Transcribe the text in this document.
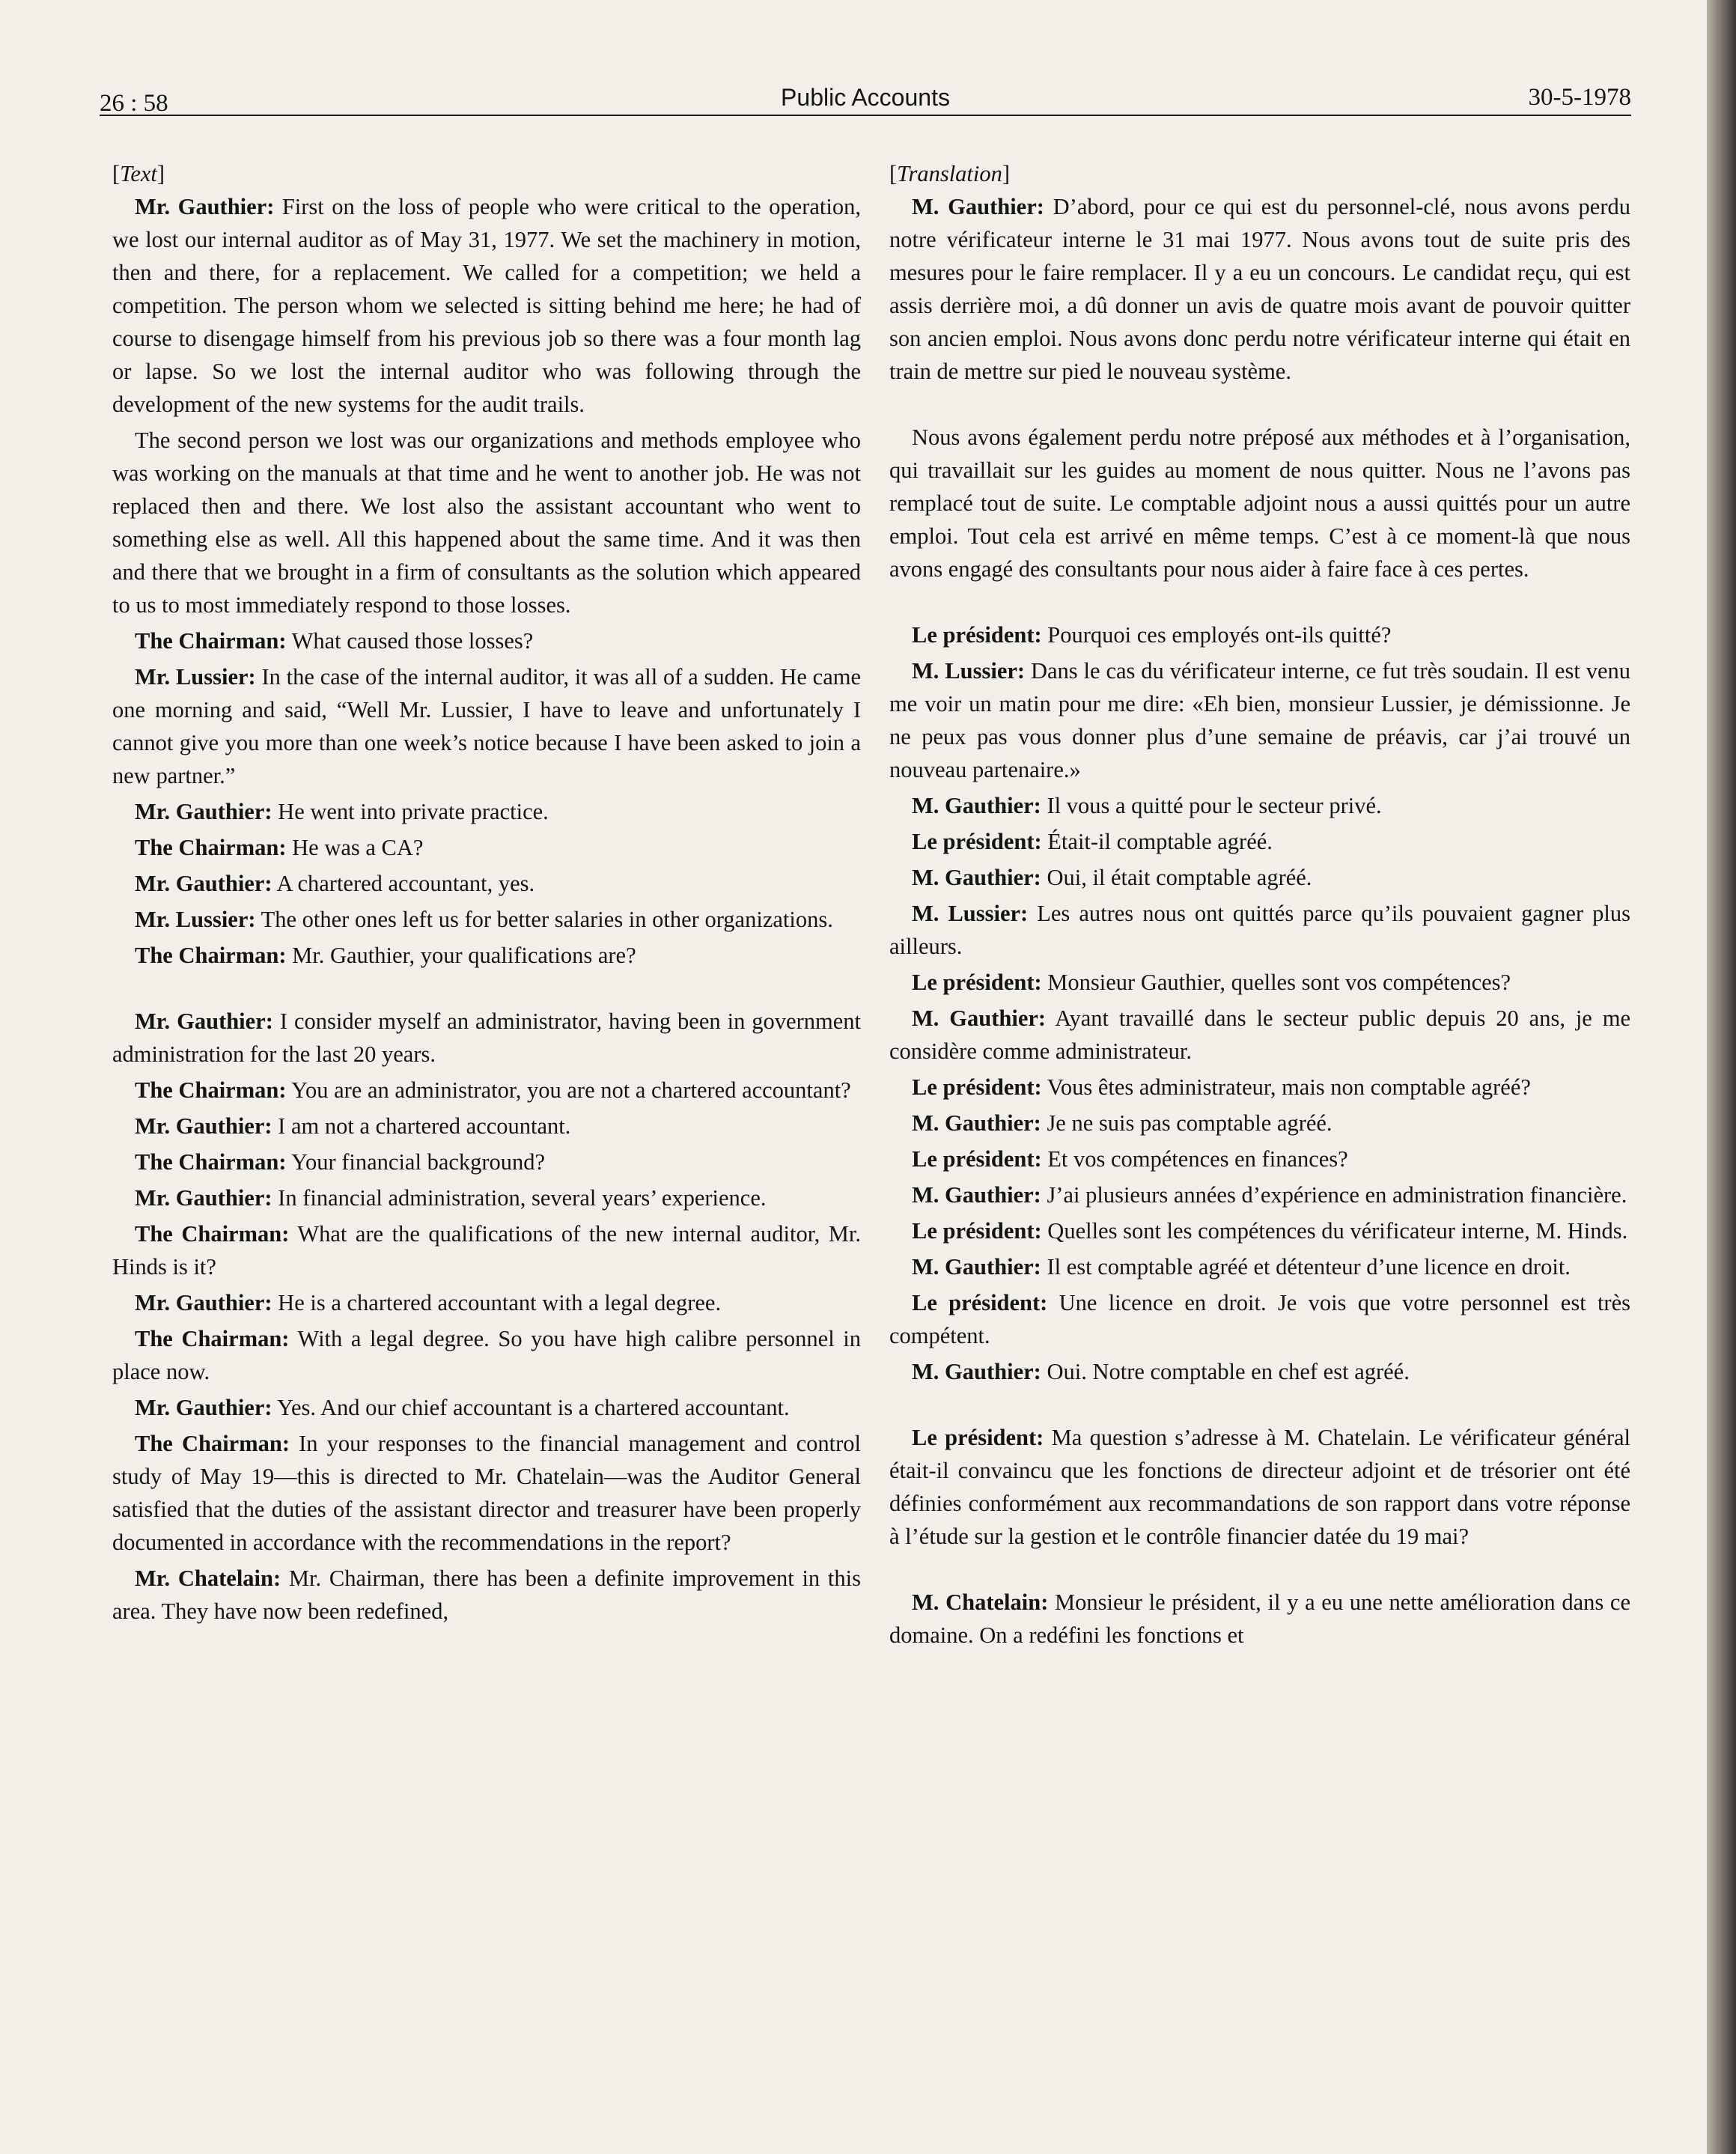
26 : 58	Public Accounts	30-5-1978

[Text]

Mr. Gauthier: First on the loss of people who were critical to the operation, we lost our internal auditor as of May 31, 1977. We set the machinery in motion, then and there, for a replacement. We called for a competition; we held a competition. The person whom we selected is sitting behind me here; he had of course to disengage himself from his previous job so there was a four month lag or lapse. So we lost the internal auditor who was following through the development of the new systems for the audit trails.

The second person we lost was our organizations and methods employee who was working on the manuals at that time and he went to another job. He was not replaced then and there. We lost also the assistant accountant who went to something else as well. All this happened about the same time. And it was then and there that we brought in a firm of consultants as the solution which appeared to us to most immediately respond to those losses.

The Chairman: What caused those losses?

Mr. Lussier: In the case of the internal auditor, it was all of a sudden. He came one morning and said, “Well Mr. Lussier, I have to leave and unfortunately I cannot give you more than one week’s notice because I have been asked to join a new partner.”

Mr. Gauthier: He went into private practice.

The Chairman: He was a CA?

Mr. Gauthier: A chartered accountant, yes.

Mr. Lussier: The other ones left us for better salaries in other organizations.

The Chairman: Mr. Gauthier, your qualifications are?

Mr. Gauthier: I consider myself an administrator, having been in government administration for the last 20 years.

The Chairman: You are an administrator, you are not a chartered accountant?

Mr. Gauthier: I am not a chartered accountant.

The Chairman: Your financial background?

Mr. Gauthier: In financial administration, several years’ experience.

The Chairman: What are the qualifications of the new internal auditor, Mr. Hinds is it?

Mr. Gauthier: He is a chartered accountant with a legal degree.

The Chairman: With a legal degree. So you have high calibre personnel in place now.

Mr. Gauthier: Yes. And our chief accountant is a chartered accountant.

The Chairman: In your responses to the financial management and control study of May 19—this is directed to Mr. Chatelain—was the Auditor General satisfied that the duties of the assistant director and treasurer have been properly documented in accordance with the recommendations in the report?

Mr. Chatelain: Mr. Chairman, there has been a definite improvement in this area. They have now been redefined,

[Translation]

M. Gauthier: D’abord, pour ce qui est du personnel-clé, nous avons perdu notre vérificateur interne le 31 mai 1977. Nous avons tout de suite pris des mesures pour le faire remplacer. Il y a eu un concours. Le candidat reçu, qui est assis derrière moi, a dû donner un avis de quatre mois avant de pouvoir quitter son ancien emploi. Nous avons donc perdu notre vérificateur interne qui était en train de mettre sur pied le nouveau système.

Nous avons également perdu notre préposé aux méthodes et à l’organisation, qui travaillait sur les guides au moment de nous quitter. Nous ne l’avons pas remplacé tout de suite. Le comptable adjoint nous a aussi quittés pour un autre emploi. Tout cela est arrivé en même temps. C’est à ce moment-là que nous avons engagé des consultants pour nous aider à faire face à ces pertes.

Le président: Pourquoi ces employés ont-ils quitté?

M. Lussier: Dans le cas du vérificateur interne, ce fut très soudain. Il est venu me voir un matin pour me dire: «Eh bien, monsieur Lussier, je démissionne. Je ne peux pas vous donner plus d’une semaine de préavis, car j’ai trouvé un nouveau partenaire.»

M. Gauthier: Il vous a quitté pour le secteur privé.

Le président: Était-il comptable agréé.

M. Gauthier: Oui, il était comptable agréé.

M. Lussier: Les autres nous ont quittés parce qu’ils pouvaient gagner plus ailleurs.

Le président: Monsieur Gauthier, quelles sont vos compétences?

M. Gauthier: Ayant travaillé dans le secteur public depuis 20 ans, je me considère comme administrateur.

Le président: Vous êtes administrateur, mais non comptable agréé?

M. Gauthier: Je ne suis pas comptable agréé.

Le président: Et vos compétences en finances?

M. Gauthier: J’ai plusieurs années d’expérience en administration financière.

Le président: Quelles sont les compétences du vérificateur interne, M. Hinds.

M. Gauthier: Il est comptable agréé et détenteur d’une licence en droit.

Le président: Une licence en droit. Je vois que votre personnel est très compétent.

M. Gauthier: Oui. Notre comptable en chef est agréé.

Le président: Ma question s’adresse à M. Chatelain. Le vérificateur général était-il convaincu que les fonctions de directeur adjoint et de trésorier ont été définies conformément aux recommandations de son rapport dans votre réponse à l’étude sur la gestion et le contrôle financier datée du 19 mai?

M. Chatelain: Monsieur le président, il y a eu une nette amélioration dans ce domaine. On a redéfini les fonctions et
